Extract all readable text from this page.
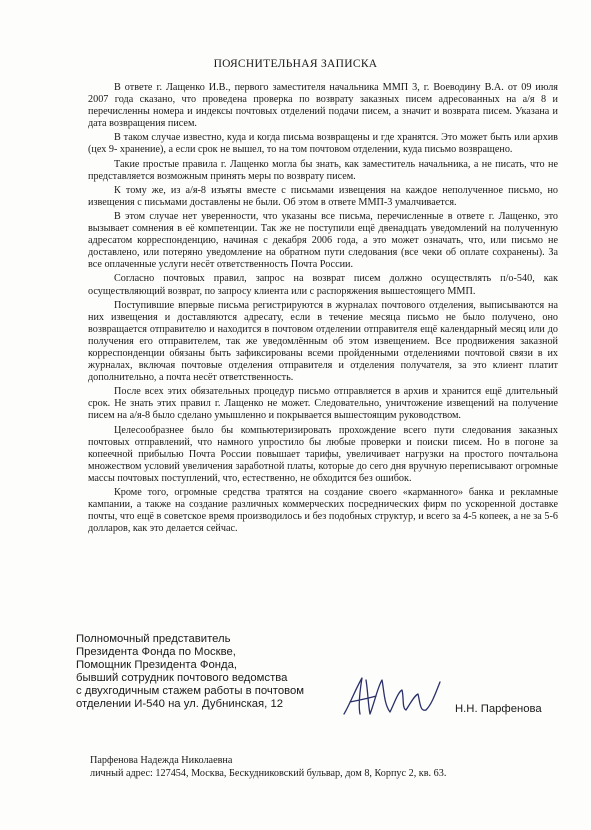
ПОЯСНИТЕЛЬНАЯ ЗАПИСКА

В ответе г. Лащенко И.В., первого заместителя начальника ММП 3, г. Воеводину В.А. от 09 июля 2007 года сказано, что проведена проверка по возврату заказных писем адресованных на а/я 8 и перечисленны номера и индексы почтовых отделений подачи писем, а значит и возврата писем. Указана и дата возвращения писем.

В таком случае известно, куда и когда письма возвращены и где хранятся. Это может быть или архив (цех 9- хранение), а если срок не вышел, то на том почтовом отделении, куда письмо возвращено.

Такие простые правила г. Лащенко могла бы знать, как заместитель начальника, а не писать, что не представляется возможным принять меры по возврату писем.

К тому же, из а/я-8 изъяты вместе с письмами извещения на каждое неполученное письмо, но извещения с письмами доставлены не были. Об этом в ответе ММП-3 умалчивается.

В этом случае нет уверенности, что указаны все письма, перечисленные в ответе г. Лащенко, это вызывает сомнения в её компетенции. Так же не поступили ещё двенадцать уведомлений на полученную адресатом корреспонденцию, начиная с декабря 2006 года, а это может означать, что, или письмо не доставлено, или потеряно уведомление на обратном пути следования (все чеки об оплате сохранены). За все оплаченные услуги несёт ответственность Почта России.

Согласно почтовых правил, запрос на возврат писем должно осуществлять п/о-540, как осуществляющий возврат, по запросу клиента или с распоряжения вышестоящего ММП.

Поступившие впервые письма регистрируются в журналах почтового отделения, выписываются на них извещения и доставляются адресату, если в течение месяца письмо не было получено, оно возвращается отправителю и находится в почтовом отделении отправителя ещё календарный месяц или до получения его отправителем, так же уведомлённым об этом извещением. Все продвижения заказной корреспонденции обязаны быть зафиксированы всеми пройденными отделениями почтовой связи в их журналах, включая почтовые отделения отправителя и отделения получателя, за это клиент платит дополнительно, а почта несёт ответственность.

После всех этих обязательных процедур письмо отправляется в архив и хранится ещё длительный срок. Не знать этих правил г. Лащенко не может. Следовательно, уничтожение извещений на получение писем на а/я-8 было сделано умышленно и покрывается вышестоящим руководством.

Целесообразнее было бы компьютеризировать прохождение всего пути следования заказных почтовых отправлений, что намного упростило бы любые проверки и поиски писем. Но в погоне за копеечной прибылью Почта России повышает тарифы, увеличивает нагрузки на простого почтальона множеством условий увеличения заработной платы, которые до сего дня вручную переписывают огромные массы почтовых поступлений, что, естественно, не обходится без ошибок.

Кроме того, огромные средства тратятся на создание своего «карманного» банка и рекламные кампании, а также на создание различных коммерческих посреднических фирм по ускоренной доставке почты, что ещё в советское время производилось и без подобных структур, и всего за 4-5 копеек, а не за 5-6 долларов, как это делается сейчас.

Полномочный представитель
Президента Фонда по Москве,
Помощник Президента Фонда,
бывший сотрудник почтового ведомства
с двухгодичным стажем работы в почтовом
отделении И-540 на ул. Дубнинская, 12	Н.Н. Парфенова
Парфенова Надежда Николаевна
личный адрес: 127454, Москва, Бескудниковский бульвар, дом 8, Корпус 2, кв. 63.
